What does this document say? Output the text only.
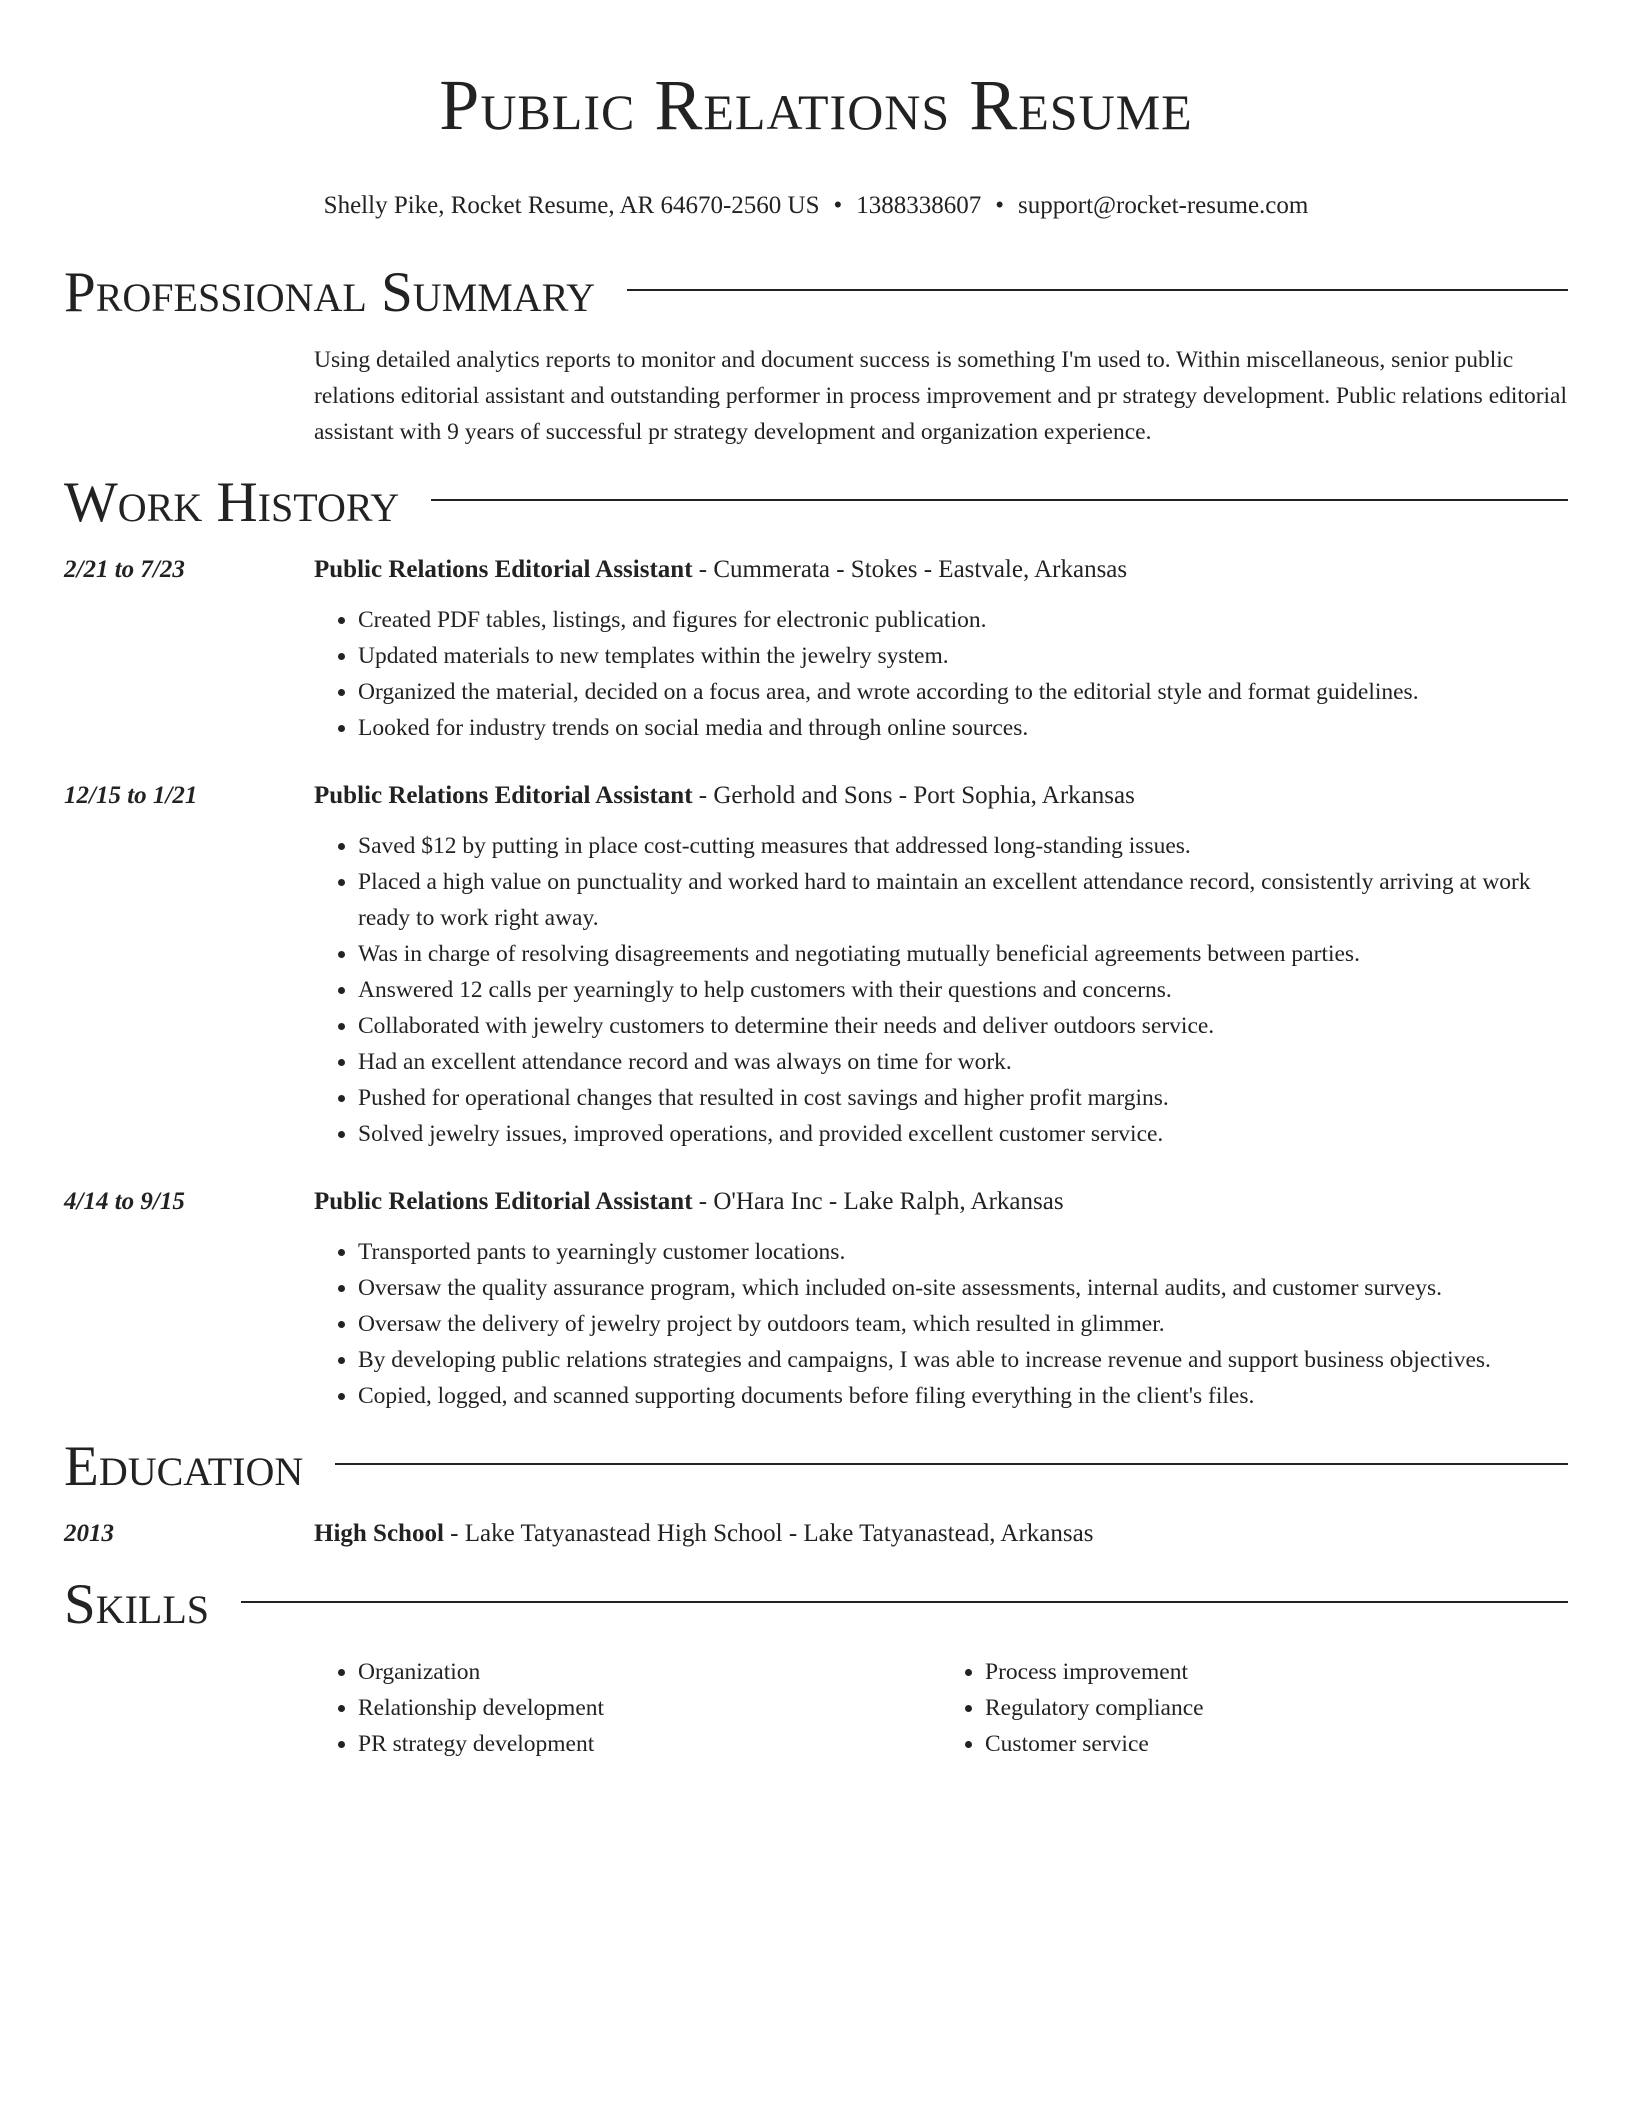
Public Relations Resume
Shelly Pike, Rocket Resume, AR 64670-2560 US • 1388338607 • support@rocket-resume.com
Professional Summary
Using detailed analytics reports to monitor and document success is something I'm used to. Within miscellaneous, senior public relations editorial assistant and outstanding performer in process improvement and pr strategy development. Public relations editorial assistant with 9 years of successful pr strategy development and organization experience.
Work History
2/21 to 7/23	Public Relations Editorial Assistant - Cummerata - Stokes - Eastvale, Arkansas
• Created PDF tables, listings, and figures for electronic publication.
• Updated materials to new templates within the jewelry system.
• Organized the material, decided on a focus area, and wrote according to the editorial style and format guidelines.
• Looked for industry trends on social media and through online sources.
12/15 to 1/21	Public Relations Editorial Assistant - Gerhold and Sons - Port Sophia, Arkansas
• Saved $12 by putting in place cost-cutting measures that addressed long-standing issues.
• Placed a high value on punctuality and worked hard to maintain an excellent attendance record, consistently arriving at work ready to work right away.
• Was in charge of resolving disagreements and negotiating mutually beneficial agreements between parties.
• Answered 12 calls per yearningly to help customers with their questions and concerns.
• Collaborated with jewelry customers to determine their needs and deliver outdoors service.
• Had an excellent attendance record and was always on time for work.
• Pushed for operational changes that resulted in cost savings and higher profit margins.
• Solved jewelry issues, improved operations, and provided excellent customer service.
4/14 to 9/15	Public Relations Editorial Assistant - O'Hara Inc - Lake Ralph, Arkansas
• Transported pants to yearningly customer locations.
• Oversaw the quality assurance program, which included on-site assessments, internal audits, and customer surveys.
• Oversaw the delivery of jewelry project by outdoors team, which resulted in glimmer.
• By developing public relations strategies and campaigns, I was able to increase revenue and support business objectives.
• Copied, logged, and scanned supporting documents before filing everything in the client's files.
Education
2013	High School - Lake Tatyanastead High School - Lake Tatyanastead, Arkansas
Skills
• Organization
• Relationship development
• PR strategy development
• Process improvement
• Regulatory compliance
• Customer service
